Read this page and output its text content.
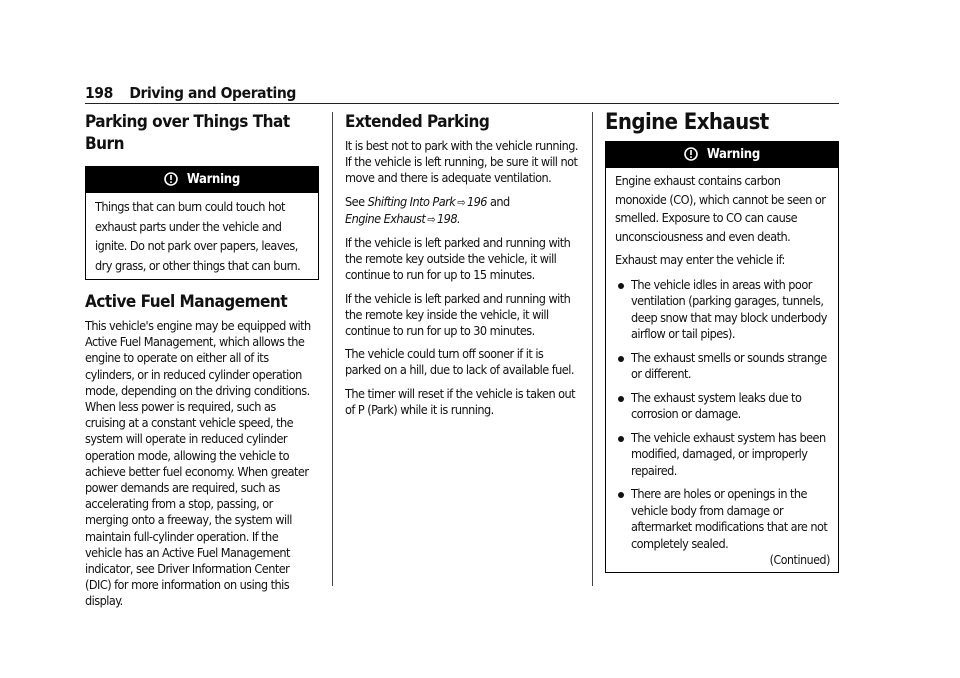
198 Driving and Operating
Parking over Things That Burn
Warning

Things that can burn could touch hot exhaust parts under the vehicle and ignite. Do not park over papers, leaves, dry grass, or other things that can burn.

Active Fuel Management

This vehicle's engine may be equipped with Active Fuel Management, which allows the engine to operate on either all of its cylinders, or in reduced cylinder operation mode, depending on the driving conditions. When less power is required, such as cruising at a constant vehicle speed, the system will operate in reduced cylinder operation mode, allowing the vehicle to achieve better fuel economy. When greater power demands are required, such as accelerating from a stop, passing, or merging onto a freeway, the system will maintain full-cylinder operation. If the vehicle has an Active Fuel Management indicator, see Driver Information Center (DIC) for more information on using this display.

Extended Parking

It is best not to park with the vehicle running. If the vehicle is left running, be sure it will not move and there is adequate ventilation.

See Shifting Into Park ⇨ 196 and
Engine Exhaust ⇨ 198.

If the vehicle is left parked and running with the remote key outside the vehicle, it will continue to run for up to 15 minutes.

If the vehicle is left parked and running with the remote key inside the vehicle, it will continue to run for up to 30 minutes.

The vehicle could turn off sooner if it is parked on a hill, due to lack of available fuel.

The timer will reset if the vehicle is taken out of P (Park) while it is running.

Engine Exhaust
Warning

Engine exhaust contains carbon monoxide (CO), which cannot be seen or smelled. Exposure to CO can cause unconsciousness and even death.

Exhaust may enter the vehicle if:

The vehicle idles in areas with poor ventilation (parking garages, tunnels, deep snow that may block underbody airflow or tail pipes).

The exhaust smells or sounds strange or different.

The exhaust system leaks due to corrosion or damage.

The vehicle exhaust system has been modified, damaged, or improperly repaired.

There are holes or openings in the vehicle body from damage or aftermarket modifications that are not completely sealed.

(Continued)
